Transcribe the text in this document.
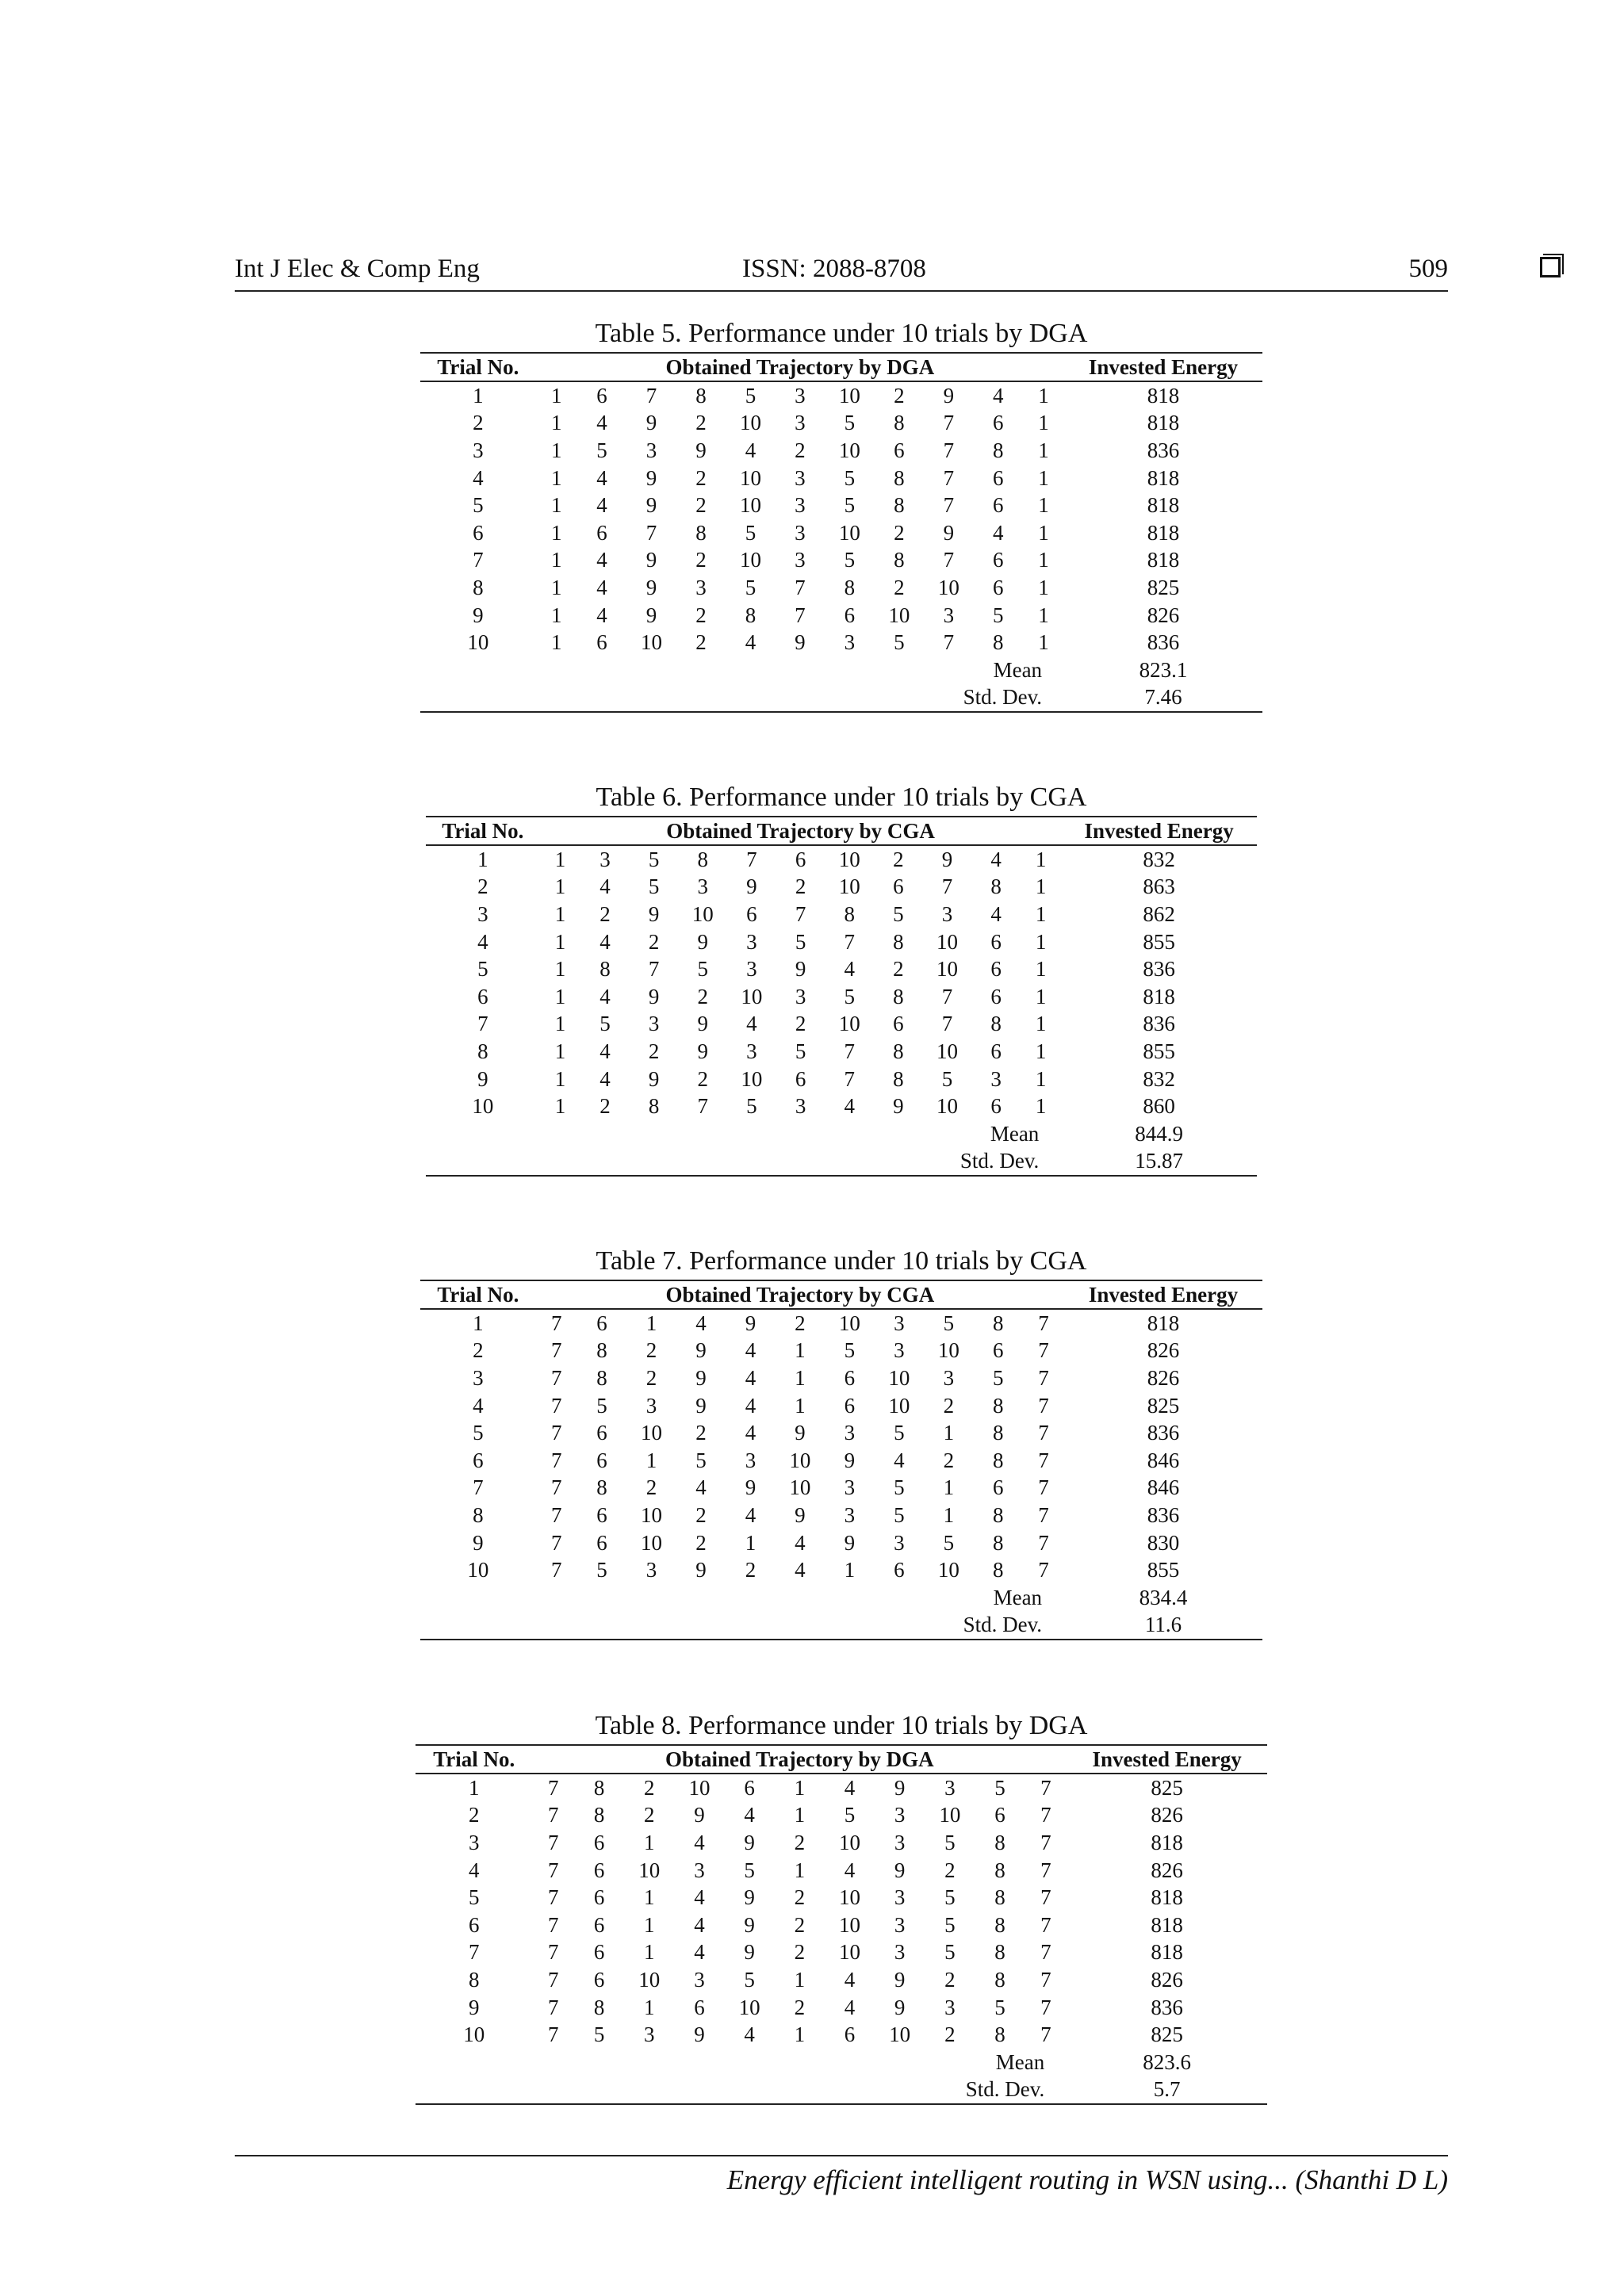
Int J Elec & Comp Eng	ISSN: 2088-8708	509
Table 5. Performance under 10 trials by DGA
Trial No.	Obtained Trajectory by DGA											Invested Energy
1	1	6	7	8	5	3	10	2	9	4	1	818
2	1	4	9	2	10	3	5	8	7	6	1	818
3	1	5	3	9	4	2	10	6	7	8	1	836
4	1	4	9	2	10	3	5	8	7	6	1	818
5	1	4	9	2	10	3	5	8	7	6	1	818
6	1	6	7	8	5	3	10	2	9	4	1	818
7	1	4	9	2	10	3	5	8	7	6	1	818
8	1	4	9	3	5	7	8	2	10	6	1	825
9	1	4	9	2	8	7	6	10	3	5	1	826
10	1	6	10	2	4	9	3	5	7	8	1	836
Mean												823.1
Std. Dev.												7.46
Table 6. Performance under 10 trials by CGA
Trial No.	Obtained Trajectory by CGA											Invested Energy
1	1	3	5	8	7	6	10	2	9	4	1	832
2	1	4	5	3	9	2	10	6	7	8	1	863
3	1	2	9	10	6	7	8	5	3	4	1	862
4	1	4	2	9	3	5	7	8	10	6	1	855
5	1	8	7	5	3	9	4	2	10	6	1	836
6	1	4	9	2	10	3	5	8	7	6	1	818
7	1	5	3	9	4	2	10	6	7	8	1	836
8	1	4	2	9	3	5	7	8	10	6	1	855
9	1	4	9	2	10	6	7	8	5	3	1	832
10	1	2	8	7	5	3	4	9	10	6	1	860
Mean												844.9
Std. Dev.												15.87
Table 7. Performance under 10 trials by CGA
Trial No.	Obtained Trajectory by CGA											Invested Energy
1	7	6	1	4	9	2	10	3	5	8	7	818
2	7	8	2	9	4	1	5	3	10	6	7	826
3	7	8	2	9	4	1	6	10	3	5	7	826
4	7	5	3	9	4	1	6	10	2	8	7	825
5	7	6	10	2	4	9	3	5	1	8	7	836
6	7	6	1	5	3	10	9	4	2	8	7	846
7	7	8	2	4	9	10	3	5	1	6	7	846
8	7	6	10	2	4	9	3	5	1	8	7	836
9	7	6	10	2	1	4	9	3	5	8	7	830
10	7	5	3	9	2	4	1	6	10	8	7	855
Mean												834.4
Std. Dev.												11.6
Table 8. Performance under 10 trials by DGA
Trial No.	Obtained Trajectory by DGA											Invested Energy
1	7	8	2	10	6	1	4	9	3	5	7	825
2	7	8	2	9	4	1	5	3	10	6	7	826
3	7	6	1	4	9	2	10	3	5	8	7	818
4	7	6	10	3	5	1	4	9	2	8	7	826
5	7	6	1	4	9	2	10	3	5	8	7	818
6	7	6	1	4	9	2	10	3	5	8	7	818
7	7	6	1	4	9	2	10	3	5	8	7	818
8	7	6	10	3	5	1	4	9	2	8	7	826
9	7	8	1	6	10	2	4	9	3	5	7	836
10	7	5	3	9	4	1	6	10	2	8	7	825
Mean												823.6
Std. Dev.												5.7
Energy efficient intelligent routing in WSN using... (Shanthi D L)
